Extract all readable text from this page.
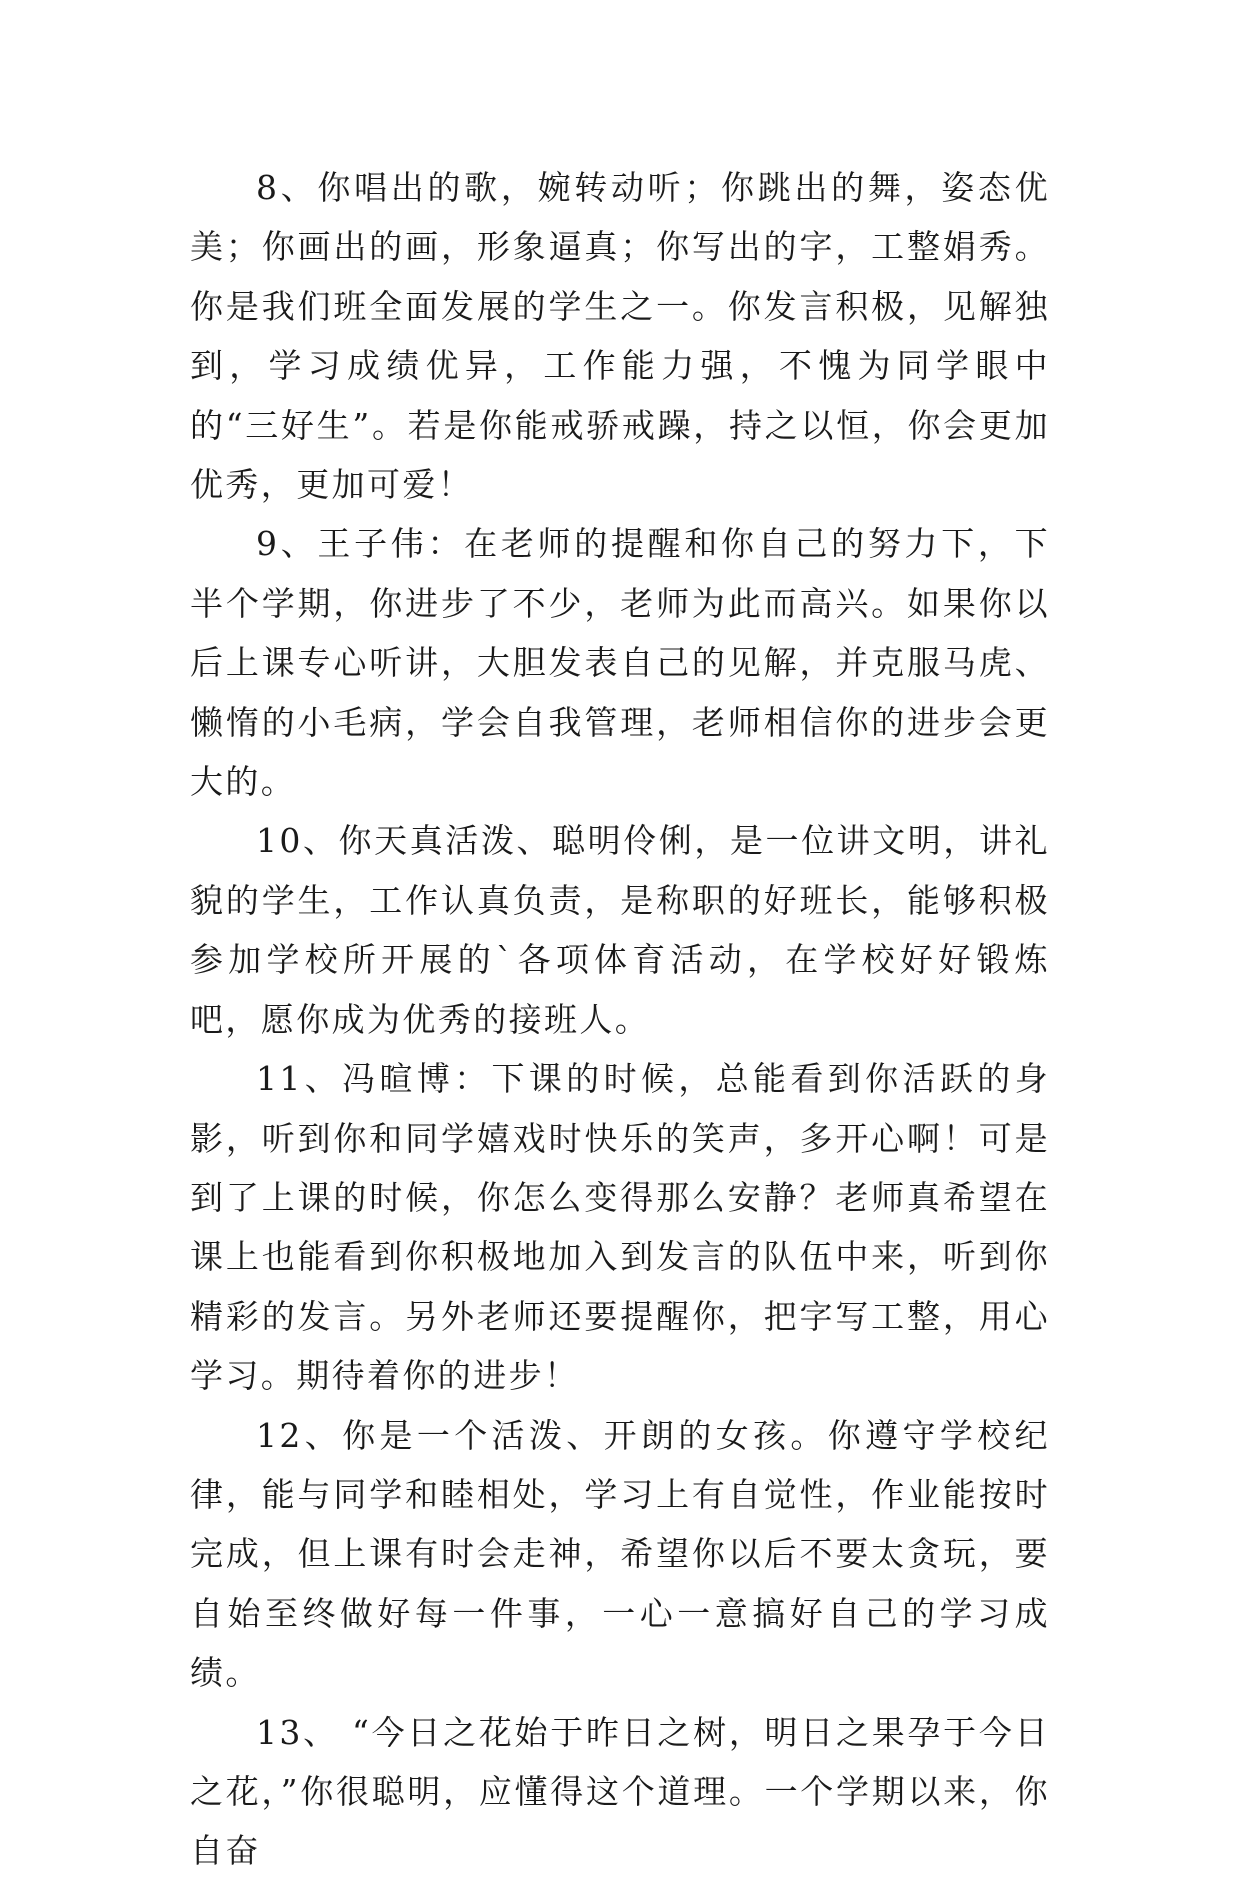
8、你唱出的歌，婉转动听；你跳出的舞，姿态优美；你画出的画，形象逼真；你写出的字，工整娟秀。你是我们班全面发展的学生之一。你发言积极，见解独到，学习成绩优异，工作能力强，不愧为同学眼中的“三好生”。若是你能戒骄戒躁，持之以恒，你会更加优秀，更加可爱！

9、王子伟：在老师的提醒和你自己的努力下，下半个学期，你进步了不少，老师为此而高兴。如果你以后上课专心听讲，大胆发表自己的见解，并克服马虎、懒惰的小毛病，学会自我管理，老师相信你的进步会更大的。

10、你天真活泼、聪明伶俐，是一位讲文明，讲礼貌的学生，工作认真负责，是称职的好班长，能够积极参加学校所开展的`各项体育活动，在学校好好锻炼吧，愿你成为优秀的接班人。

11、冯暄博：下课的时候，总能看到你活跃的身影，听到你和同学嬉戏时快乐的笑声，多开心啊！可是到了上课的时候，你怎么变得那么安静？老师真希望在课上也能看到你积极地加入到发言的队伍中来，听到你精彩的发言。另外老师还要提醒你，把字写工整，用心学习。期待着你的进步！

12、你是一个活泼、开朗的女孩。你遵守学校纪律，能与同学和睦相处，学习上有自觉性，作业能按时完成，但上课有时会走神，希望你以后不要太贪玩，要自始至终做好每一件事，一心一意搞好自己的学习成绩。

13、 “今日之花始于昨日之树，明日之果孕于今日之花，”你很聪明，应懂得这个道理。一个学期以来，你自奋
